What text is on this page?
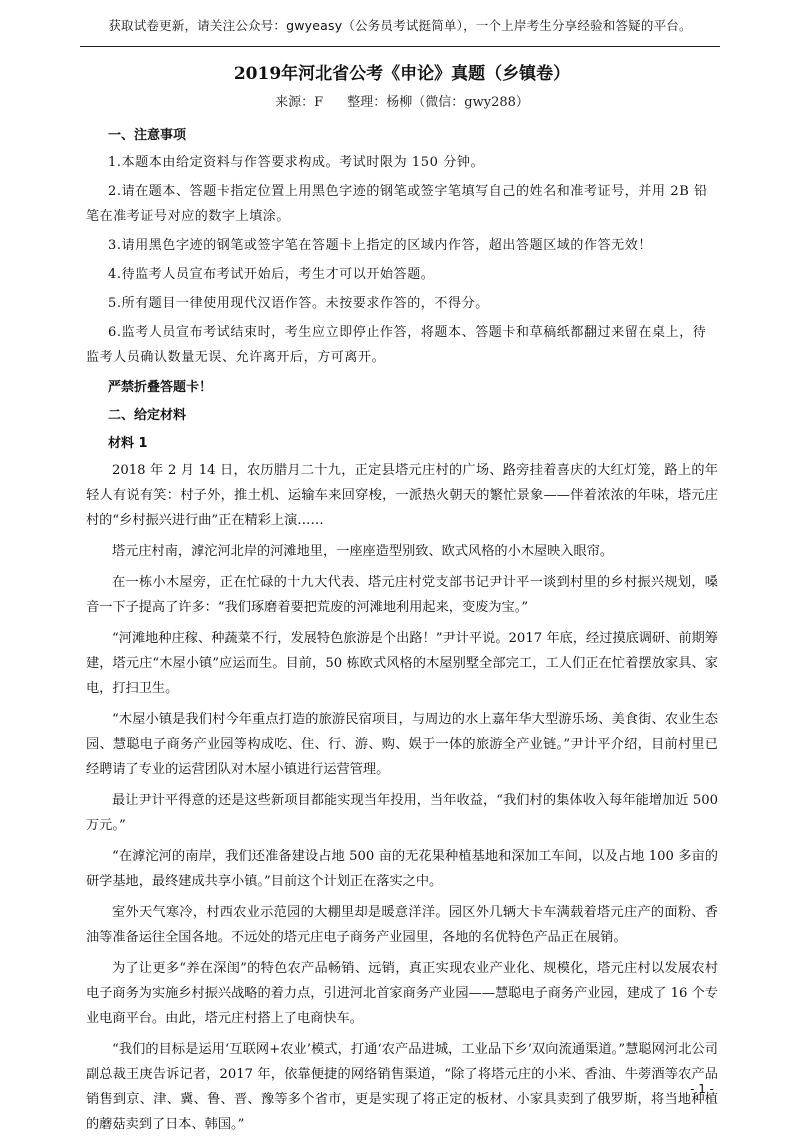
获取试卷更新，请关注公众号：gwyeasy（公务员考试挺简单），一个上岸考生分享经验和答疑的平台。
2019年河北省公考《申论》真题（乡镇卷）
来源：F 整理：杨柳（微信：gwy288）
一、注意事项

1.本题本由给定资料与作答要求构成。考试时限为 150 分钟。

2.请在题本、答题卡指定位置上用黑色字迹的钢笔或签字笔填写自己的姓名和准考证号，并用 2B 铅笔在准考证号对应的数字上填涂。

3.请用黑色字迹的钢笔或签字笔在答题卡上指定的区域内作答，超出答题区域的作答无效！

4.待监考人员宣布考试开始后，考生才可以开始答题。

5.所有题目一律使用现代汉语作答。未按要求作答的，不得分。

6.监考人员宣布考试结束时，考生应立即停止作答，将题本、答题卡和草稿纸都翻过来留在桌上，待监考人员确认数量无误、允许离开后，方可离开。

严禁折叠答题卡！
二、给定材料
材料 1

2018 年 2 月 14 日，农历腊月二十九，正定县塔元庄村的广场、路旁挂着喜庆的大红灯笼，路上的年轻人有说有笑：村子外，推土机、运输车来回穿梭，一派热火朝天的繁忙景象——伴着浓浓的年味，塔元庄村的“乡村振兴进行曲”正在精彩上演……

塔元庄村南，滹沱河北岸的河滩地里，一座座造型别致、欧式风格的小木屋映入眼帘。

在一栋小木屋旁，正在忙碌的十九大代表、塔元庄村党支部书记尹计平一谈到村里的乡村振兴规划，嗓音一下子提高了许多：“我们琢磨着要把荒废的河滩地利用起来，变废为宝。”

“河滩地种庄稼、种蔬菜不行，发展特色旅游是个出路！”尹计平说。2017 年底，经过摸底调研、前期筹建，塔元庄“木屋小镇”应运而生。目前，50 栋欧式风格的木屋别墅全部完工，工人们正在忙着摆放家具、家电，打扫卫生。

“木屋小镇是我们村今年重点打造的旅游民宿项目，与周边的水上嘉年华大型游乐场、美食街、农业生态园、慧聪电子商务产业园等构成吃、住、行、游、购、娱于一体的旅游全产业链。”尹计平介绍，目前村里已经聘请了专业的运营团队对木屋小镇进行运营管理。

最让尹计平得意的还是这些新项目都能实现当年投用，当年收益，“我们村的集体收入每年能增加近 500 万元。”

“在滹沱河的南岸，我们还准备建设占地 500 亩的无花果种植基地和深加工车间，以及占地 100 多亩的研学基地，最终建成共享小镇。”目前这个计划正在落实之中。

室外天气寒冷，村西农业示范园的大棚里却是暖意洋洋。园区外几辆大卡车满载着塔元庄产的面粉、香油等准备运往全国各地。不远处的塔元庄电子商务产业园里，各地的名优特色产品正在展销。

为了让更多“养在深闺”的特色农产品畅销、远销，真正实现农业产业化、规模化，塔元庄村以发展农村电子商务为实施乡村振兴战略的着力点，引进河北首家商务产业园——慧聪电子商务产业园，建成了 16 个专业电商平台。由此，塔元庄村搭上了电商快车。

“我们的目标是运用‘互联网+农业’模式，打通‘农产品进城，工业品下乡’双向流通渠道。”慧聪网河北公司副总裁王庚告诉记者，2017 年，依靠便捷的网络销售渠道，“除了将塔元庄的小米、香油、牛蒡酒等农产品销售到京、津、冀、鲁、晋、豫等多个省市，更是实现了将正定的板材、小家具卖到了俄罗斯，将当地种植的蘑菇卖到了日本、韩国。”

- 1 -
